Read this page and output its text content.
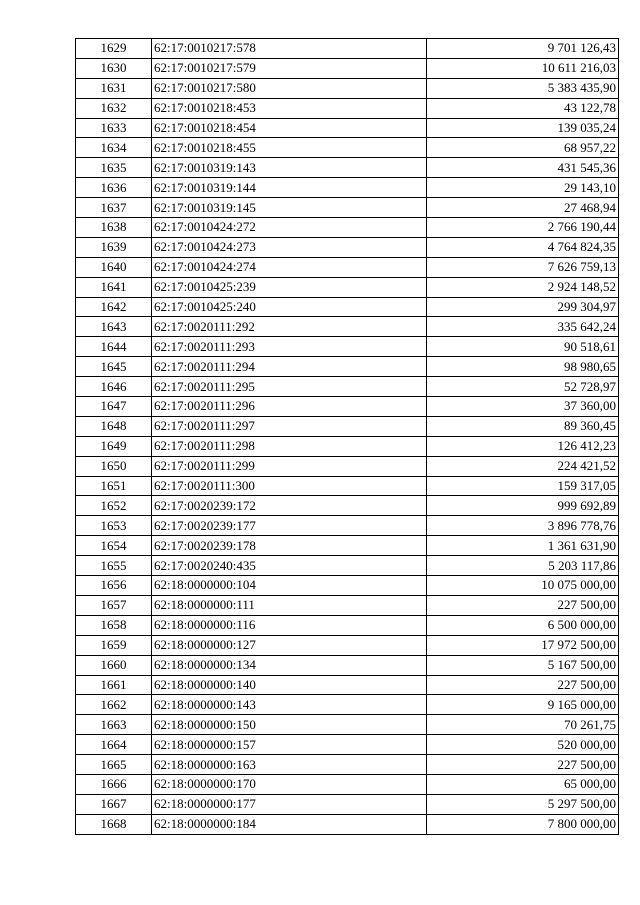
1629	62:17:0010217:578	9 701 126,43
1630	62:17:0010217:579	10 611 216,03
1631	62:17:0010217:580	5 383 435,90
1632	62:17:0010218:453	43 122,78
1633	62:17:0010218:454	139 035,24
1634	62:17:0010218:455	68 957,22
1635	62:17:0010319:143	431 545,36
1636	62:17:0010319:144	29 143,10
1637	62:17:0010319:145	27 468,94
1638	62:17:0010424:272	2 766 190,44
1639	62:17:0010424:273	4 764 824,35
1640	62:17:0010424:274	7 626 759,13
1641	62:17:0010425:239	2 924 148,52
1642	62:17:0010425:240	299 304,97
1643	62:17:0020111:292	335 642,24
1644	62:17:0020111:293	90 518,61
1645	62:17:0020111:294	98 980,65
1646	62:17:0020111:295	52 728,97
1647	62:17:0020111:296	37 360,00
1648	62:17:0020111:297	89 360,45
1649	62:17:0020111:298	126 412,23
1650	62:17:0020111:299	224 421,52
1651	62:17:0020111:300	159 317,05
1652	62:17:0020239:172	999 692,89
1653	62:17:0020239:177	3 896 778,76
1654	62:17:0020239:178	1 361 631,90
1655	62:17:0020240:435	5 203 117,86
1656	62:18:0000000:104	10 075 000,00
1657	62:18:0000000:111	227 500,00
1658	62:18:0000000:116	6 500 000,00
1659	62:18:0000000:127	17 972 500,00
1660	62:18:0000000:134	5 167 500,00
1661	62:18:0000000:140	227 500,00
1662	62:18:0000000:143	9 165 000,00
1663	62:18:0000000:150	70 261,75
1664	62:18:0000000:157	520 000,00
1665	62:18:0000000:163	227 500,00
1666	62:18:0000000:170	65 000,00
1667	62:18:0000000:177	5 297 500,00
1668	62:18:0000000:184	7 800 000,00
